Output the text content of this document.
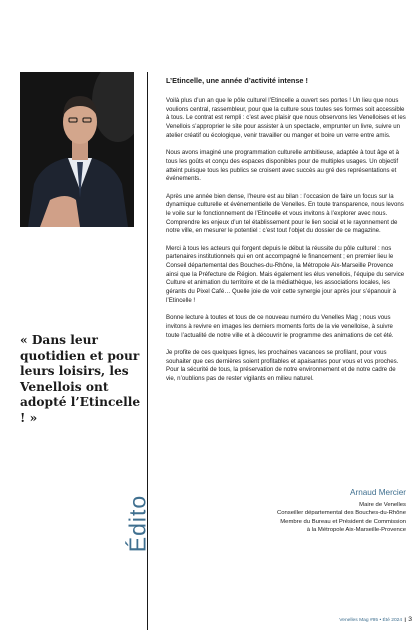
« Dans leur quotidien et pour leurs loisirs, les Venellois ont adopté l’Etincelle ! »
Édito
L’Etincelle, une année d’activité intense !

Voilà plus d’un an que le pôle culturel l’Etincelle a ouvert ses portes ! Un lieu que nous voulions central, rassembleur, pour que la culture sous toutes ses formes soit accessible à tous. Le contrat est rempli : c’est avec plaisir que nous observons les Venelloises et les Venellois s’approprier le site pour assister à un spectacle, emprunter un livre, suivre un atelier créatif ou écologique, venir travailler ou manger et boire un verre entre amis.

Nous avons imaginé une programmation culturelle ambitieuse, adaptée à tout âge et à tous les goûts et conçu des espaces disponibles pour de multiples usages. Un objectif atteint puisque tous les publics se croisent avec succès au gré des représentations et événements.

Après une année bien dense, l’heure est au bilan : l’occasion de faire un focus sur la dynamique culturelle et événementielle de Venelles. En toute transparence, nous levons le voile sur le fonctionnement de l’Etincelle et vous invitons à l’explorer avec nous. Comprendre les enjeux d’un tel établissement pour le lien social et le rayonnement de notre ville, en mesurer le potentiel : c’est tout l’objet du dossier de ce magazine.

Merci à tous les acteurs qui forgent depuis le début la réussite du pôle culturel : nos partenaires institutionnels qui en ont accompagné le financement ; en premier lieu le Conseil départemental des Bouches-du-Rhône, la Métropole Aix-Marseille Provence ainsi que la Préfecture de Région. Mais également les élus venellois, l’équipe du service Culture et animation du territoire et de la médiathèque, les associations locales, les gérants du Pixel Café… Quelle joie de voir cette synergie jour après jour s’épanouir à l’Etincelle !

Bonne lecture à toutes et tous de ce nouveau numéro du Venelles Mag ; nous vous invitons à revivre en images les derniers moments forts de la vie venelloise, à suivre toute l’actualité de notre ville et à découvrir le programme des animations de cet été.

Je profite de ces quelques lignes, les prochaines vacances se profilant, pour vous souhaiter que ces dernières soient profitables et apaisantes pour vous et vos proches. Pour la sécurité de tous, la préservation de notre environnement et de notre cadre de vie, n’oublions pas de rester vigilants en milieu naturel.

Arnaud Mercier
Maire de Venelles
Conseiller départemental des Bouches-du-Rhône
Membre du Bureau et Président de Commission
à la Métropole Aix-Marseille-Provence
Venelles Mag #95 • Été 2024 | 3
